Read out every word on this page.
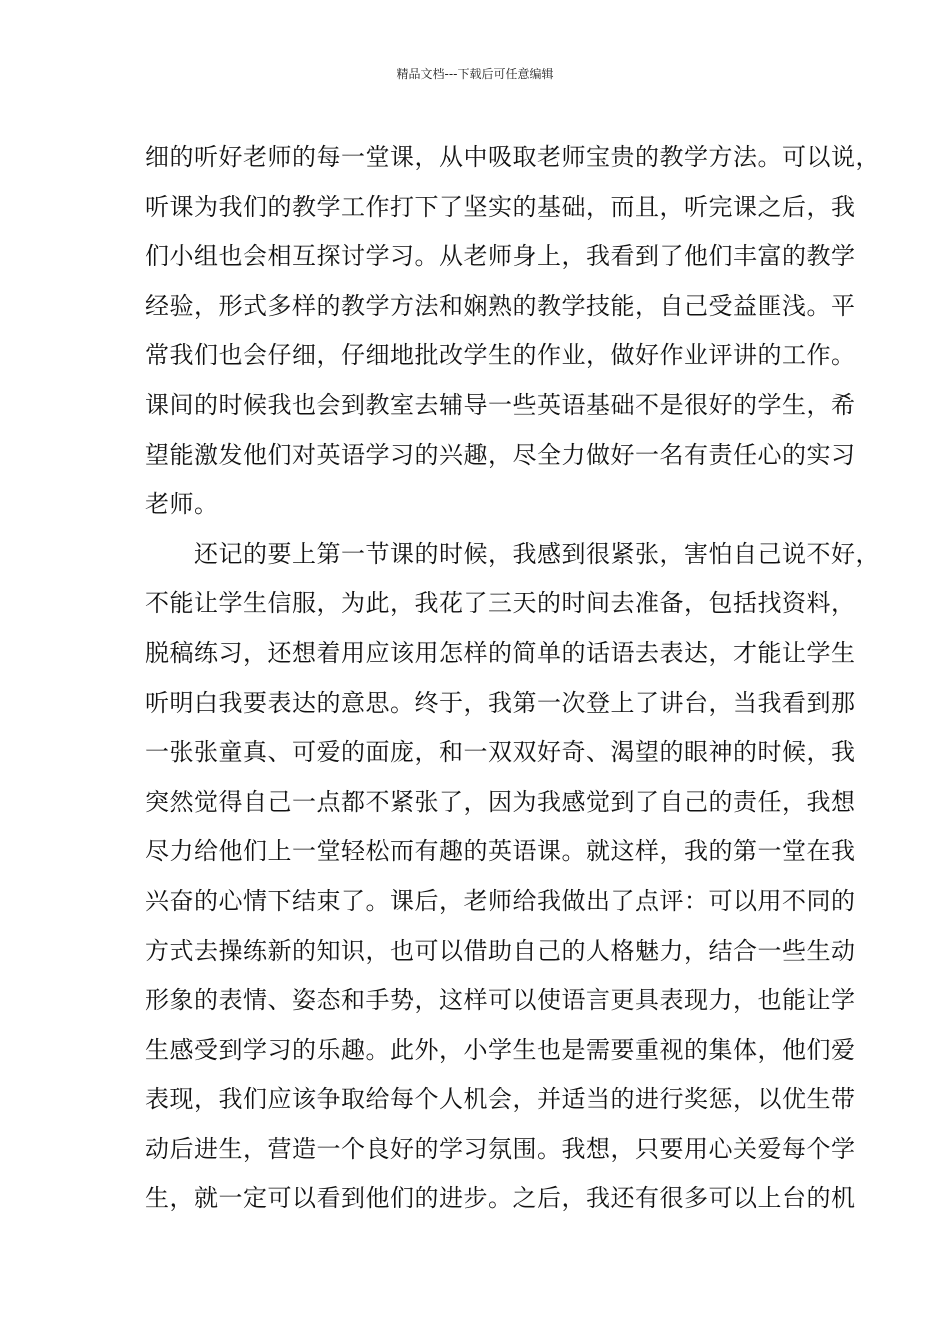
精品文档---下载后可任意编辑
细的听好老师的每一堂课，从中吸取老师宝贵的教学方法。可以说，
听课为我们的教学工作打下了坚实的基础，而且，听完课之后，我
们小组也会相互探讨学习。从老师身上，我看到了他们丰富的教学
经验，形式多样的教学方法和娴熟的教学技能，自己受益匪浅。平
常我们也会仔细，仔细地批改学生的作业，做好作业评讲的工作。
课间的时候我也会到教室去辅导一些英语基础不是很好的学生，希
望能激发他们对英语学习的兴趣，尽全力做好一名有责任心的实习
老师。
　　还记的要上第一节课的时候，我感到很紧张，害怕自己说不好，
不能让学生信服，为此，我花了三天的时间去准备，包括找资料，
脱稿练习，还想着用应该用怎样的简单的话语去表达，才能让学生
听明白我要表达的意思。终于，我第一次登上了讲台，当我看到那
一张张童真、可爱的面庞，和一双双好奇、渴望的眼神的时候，我
突然觉得自己一点都不紧张了，因为我感觉到了自己的责任，我想
尽力给他们上一堂轻松而有趣的英语课。就这样，我的第一堂在我
兴奋的心情下结束了。课后，老师给我做出了点评：可以用不同的
方式去操练新的知识，也可以借助自己的人格魅力，结合一些生动
形象的表情、姿态和手势，这样可以使语言更具表现力，也能让学
生感受到学习的乐趣。此外，小学生也是需要重视的集体，他们爱
表现，我们应该争取给每个人机会，并适当的进行奖惩，以优生带
动后进生，营造一个良好的学习氛围。我想，只要用心关爱每个学
生，就一定可以看到他们的进步。之后，我还有很多可以上台的机
